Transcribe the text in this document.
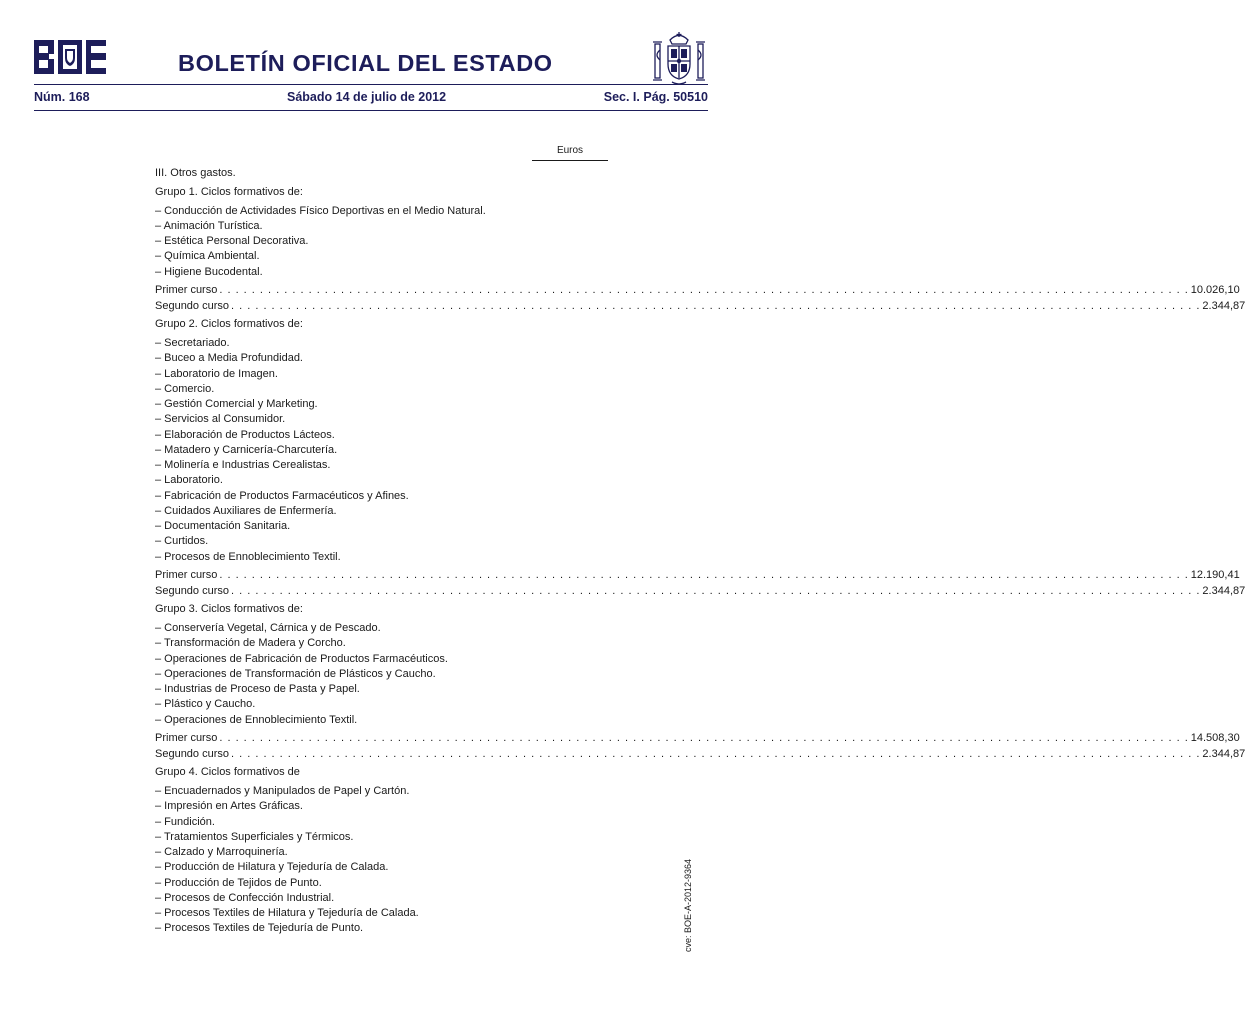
BOLETÍN OFICIAL DEL ESTADO
Núm. 168	Sábado 14 de julio de 2012	Sec. I. Pág. 50510
Euros
III. Otros gastos.
Grupo 1. Ciclos formativos de:
– Conducción de Actividades Físico Deportivas en el Medio Natural.
– Animación Turística.
– Estética Personal Decorativa.
– Química Ambiental.
– Higiene Bucodental.
Primer curso . . . . . . . . . . . . . . . . . . . . . . . . . . . . . . . . . . . . . . . . . . . . . . . . . . . . . . . . . . . . . . . . . . . . . . . . . . . . . . . . . . . . . . . . . . . . . . . . . . . . . . . . . . . . . . . . . . . . . . . . 10.026,10
Segundo curso . . . . . . . . . . . . . . . . . . . . . . . . . . . . . . . . . . . . . . . . . . . . . . . . . . . . . . . . . . . . . . . . . . . . . . . . . . . . . . . . . . . . . . . . . . . . . . . . . . . . . . . . . . . . . . . . . . . . . . . . 2.344,87
Grupo 2. Ciclos formativos de:
– Secretariado.
– Buceo a Media Profundidad.
– Laboratorio de Imagen.
– Comercio.
– Gestión Comercial y Marketing.
– Servicios al Consumidor.
– Elaboración de Productos Lácteos.
– Matadero y Carnicería-Charcutería.
– Molinería e Industrias Cerealistas.
– Laboratorio.
– Fabricación de Productos Farmacéuticos y Afines.
– Cuidados Auxiliares de Enfermería.
– Documentación Sanitaria.
– Curtidos.
– Procesos de Ennoblecimiento Textil.
Primer curso . . . . . . . . . . . . . . . . . . . . . . . . . . . . . . . . . . . . . . . . . . . . . . . . . . . . . . . . . . . . . . . . . . . . . . . . . . . . . . . . . . . . . . . . . . . . . . . . . . . . . . . . . . . . . . . . . . . . . . . . 12.190,41
Segundo curso . . . . . . . . . . . . . . . . . . . . . . . . . . . . . . . . . . . . . . . . . . . . . . . . . . . . . . . . . . . . . . . . . . . . . . . . . . . . . . . . . . . . . . . . . . . . . . . . . . . . . . . . . . . . . . . . . . . . . . . . 2.344,87
Grupo 3. Ciclos formativos de:
– Conservería Vegetal, Cárnica y de Pescado.
– Transformación de Madera y Corcho.
– Operaciones de Fabricación de Productos Farmacéuticos.
– Operaciones de Transformación de Plásticos y Caucho.
– Industrias de Proceso de Pasta y Papel.
– Plástico y Caucho.
– Operaciones de Ennoblecimiento Textil.
Primer curso . . . . . . . . . . . . . . . . . . . . . . . . . . . . . . . . . . . . . . . . . . . . . . . . . . . . . . . . . . . . . . . . . . . . . . . . . . . . . . . . . . . . . . . . . . . . . . . . . . . . . . . . . . . . . . . . . . . . . . . . 14.508,30
Segundo curso . . . . . . . . . . . . . . . . . . . . . . . . . . . . . . . . . . . . . . . . . . . . . . . . . . . . . . . . . . . . . . . . . . . . . . . . . . . . . . . . . . . . . . . . . . . . . . . . . . . . . . . . . . . . . . . . . . . . . . . . 2.344,87
Grupo 4. Ciclos formativos de
– Encuadernados y Manipulados de Papel y Cartón.
– Impresión en Artes Gráficas.
– Fundición.
– Tratamientos Superficiales y Térmicos.
– Calzado y Marroquinería.
– Producción de Hilatura y Tejeduría de Calada.
– Producción de Tejidos de Punto.
– Procesos de Confección Industrial.
– Procesos Textiles de Hilatura y Tejeduría de Calada.
– Procesos Textiles de Tejeduría de Punto.	cve: BOE-A-2012-9364
